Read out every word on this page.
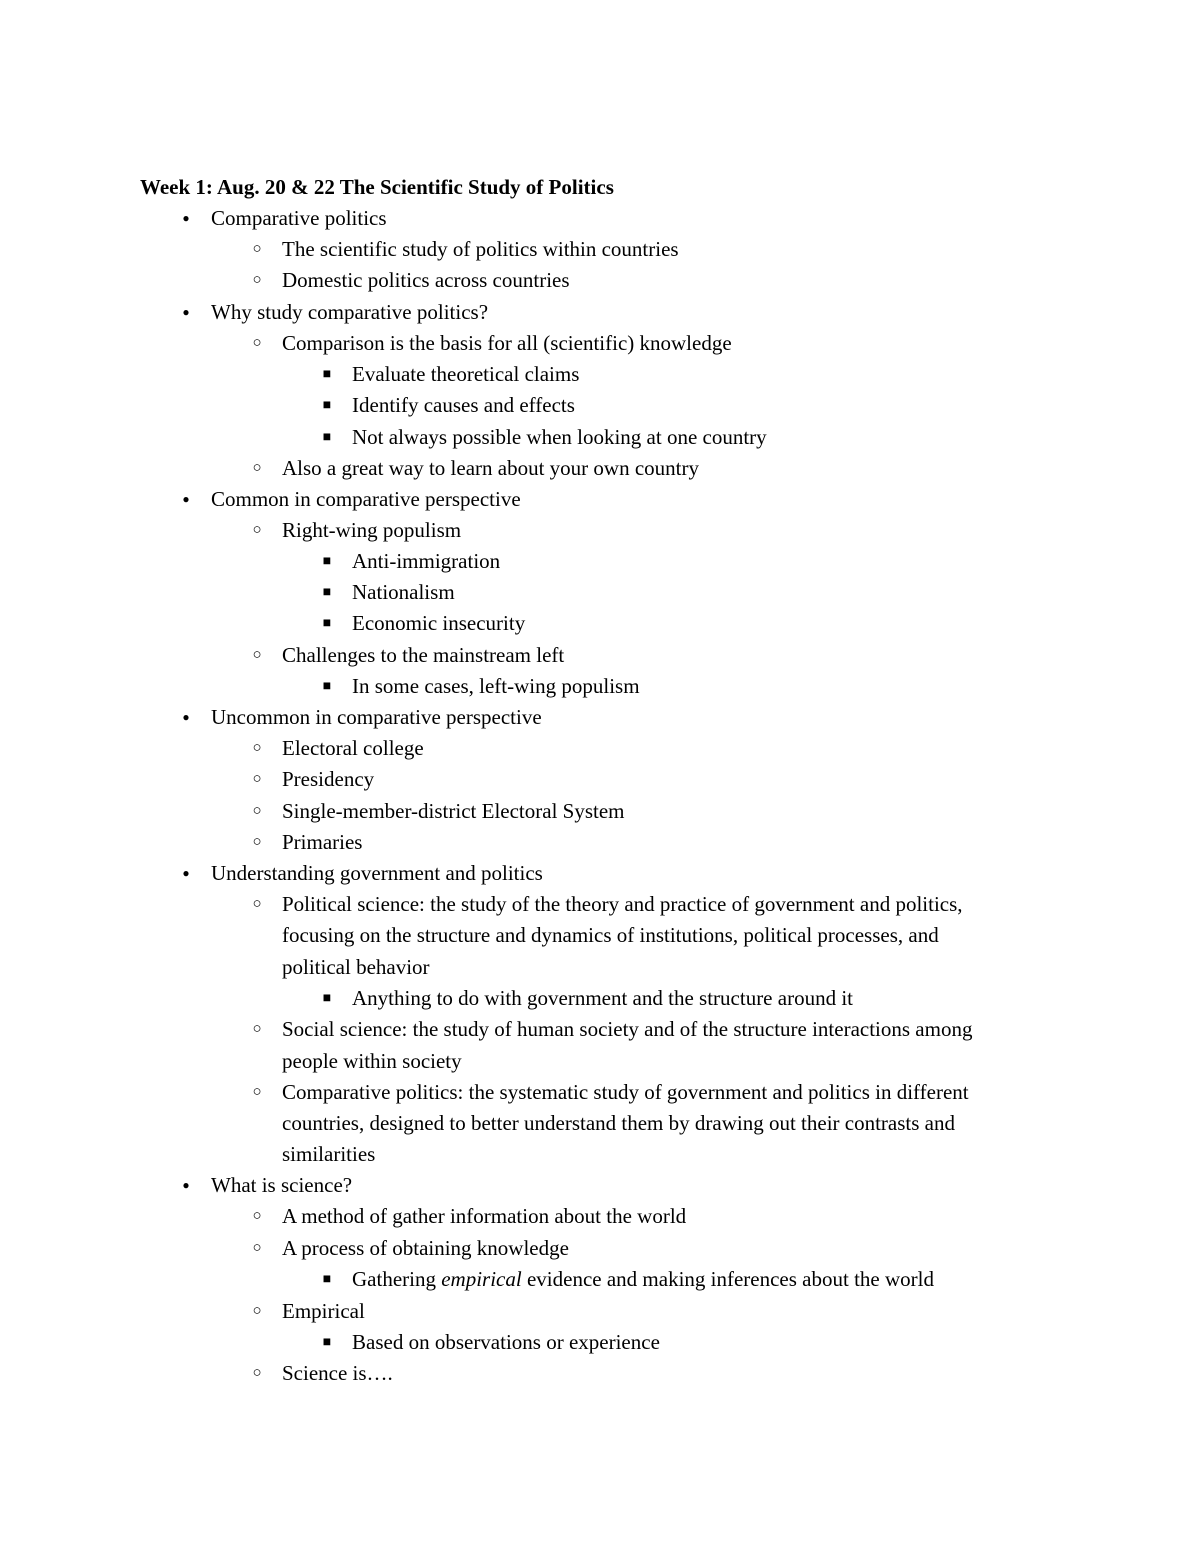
Week 1: Aug. 20 & 22 The Scientific Study of Politics
●	Comparative politics
○ The scientific study of politics within countries
○ Domestic politics across countries
●	Why study comparative politics?
○ Comparison is the basis for all (scientific) knowledge
■ Evaluate theoretical claims
■ Identify causes and effects
■ Not always possible when looking at one country
○ Also a great way to learn about your own country
●	Common in comparative perspective
○ Right-wing populism
■ Anti-immigration
■ Nationalism
■ Economic insecurity
○ Challenges to the mainstream left
■ In some cases, left-wing populism
●	Uncommon in comparative perspective
○ Electoral college
○ Presidency
○ Single-member-district Electoral System
○ Primaries
●	Understanding government and politics
○ Political science: the study of the theory and practice of government and politics,
focusing on the structure and dynamics of institutions, political processes, and
political behavior
■ Anything to do with government and the structure around it
○ Social science: the study of human society and of the structure interactions among
people within society
○ Comparative politics: the systematic study of government and politics in different
countries, designed to better understand them by drawing out their contrasts and
similarities
●	What is science?
○ A method of gather information about the world
○ A process of obtaining knowledge
■ Gathering empirical evidence and making inferences about the world
○ Empirical
■ Based on observations or experience
○ Science is….
